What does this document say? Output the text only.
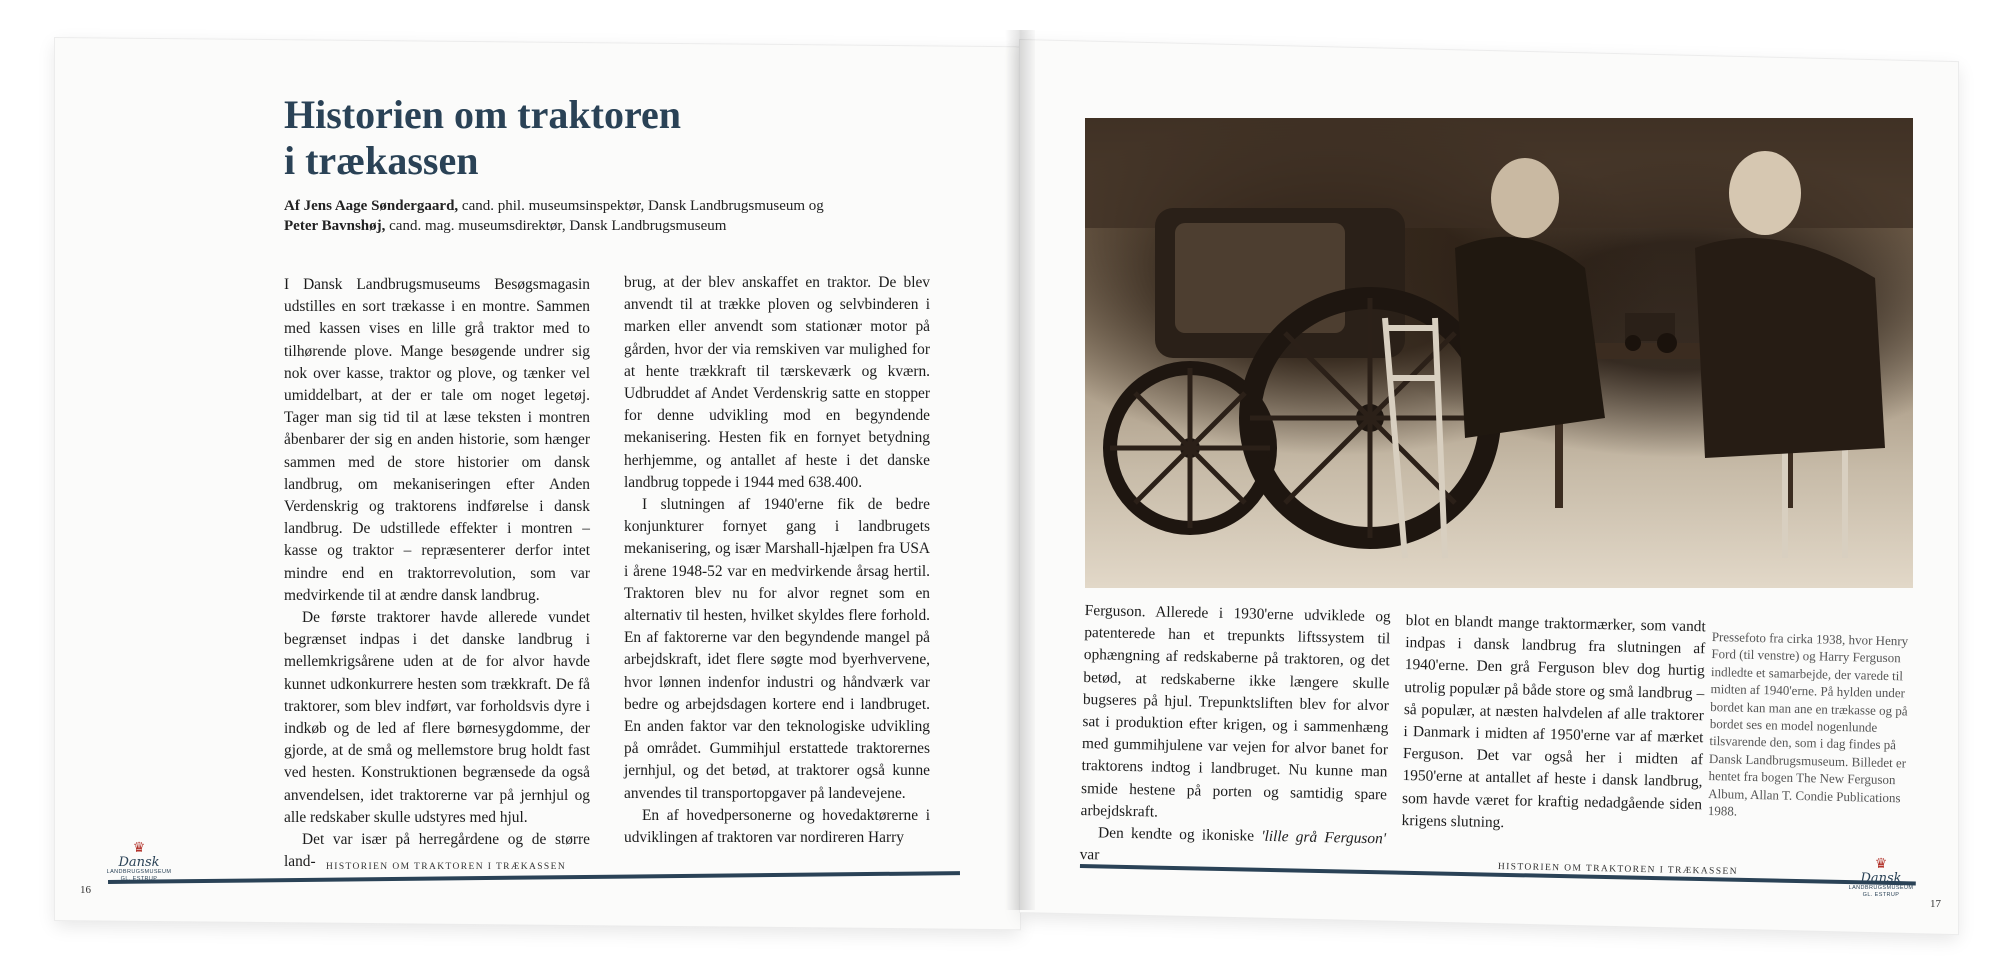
Historien om traktoren
i trækassen
Af Jens Aage Søndergaard, cand. phil. museumsinspektør, Dansk Landbrugsmuseum og
Peter Bavnshøj, cand. mag. museumsdirektør, Dansk Landbrugsmuseum

I Dansk Landbrugsmuseums Besøgsmagasin udstilles en sort trækasse i en montre. Sammen med kassen vises en lille grå traktor med to tilhørende plove. Mange besøgende undrer sig nok over kasse, traktor og plove, og tænker vel umiddelbart, at der er tale om noget legetøj. Tager man sig tid til at læse teksten i montren åbenbarer der sig en anden historie, som hænger sammen med de store historier om dansk landbrug, om mekaniseringen efter Anden Verdenskrig og traktorens indførelse i dansk landbrug. De udstillede effekter i montren – kasse og traktor – repræsenterer derfor intet mindre end en traktorrevolution, som var medvirkende til at ændre dansk landbrug.

De første traktorer havde allerede vundet begrænset indpas i det danske landbrug i mellemkrigsårene uden at de for alvor havde kunnet udkonkurrere hesten som trækkraft. De få traktorer, som blev indført, var forholdsvis dyre i indkøb og de led af flere børnesygdomme, der gjorde, at de små og mellemstore brug holdt fast ved hesten. Konstruktionen begrænsede da også anvendelsen, idet traktorerne var på jernhjul og alle redskaber skulle udstyres med hjul.

Det var især på herregårdene og de større land-

brug, at der blev anskaffet en traktor. De blev anvendt til at trække ploven og selvbinderen i marken eller anvendt som stationær motor på gården, hvor der via remskiven var mulighed for at hente trækkraft til tærskeværk og kværn. Udbruddet af Andet Verdenskrig satte en stopper for denne udvikling mod en begyndende mekanisering. Hesten fik en fornyet betydning herhjemme, og antallet af heste i det danske landbrug toppede i 1944 med 638.400.

I slutningen af 1940'erne fik de bedre konjunkturer fornyet gang i landbrugets mekanisering, og især Marshall-hjælpen fra USA i årene 1948-52 var en medvirkende årsag hertil. Traktoren blev nu for alvor regnet som en alternativ til hesten, hvilket skyldes flere forhold. En af faktorerne var den begyndende mangel på arbejdskraft, idet flere søgte mod byerhvervene, hvor lønnen indenfor industri og håndværk var bedre og arbejdsdagen kortere end i landbruget. En anden faktor var den teknologiske udvikling på området. Gummihjul erstattede traktorernes jernhjul, og det betød, at traktorer også kunne anvendes til transportopgaver på landevejene.

En af hovedpersonerne og hovedaktørerne i udviklingen af traktoren var nordireren Harry

♛
Dansk
LANDBRUGSMUSEUM
16
HISTORIEN OM TRAKTOREN I TRÆKASSEN

Ferguson. Allerede i 1930'erne udviklede og patenterede han et trepunkts liftssystem til ophængning af redskaberne på traktoren, og det betød, at redskaberne ikke længere skulle bugseres på hjul. Trepunktsliften blev for alvor sat i produktion efter krigen, og i sammenhæng med gummihjulene var vejen for alvor banet for traktorens indtog i landbruget. Nu kunne man smide hestene på porten og samtidig spare arbejdskraft.

Den kendte og ikoniske 'lille grå Ferguson' var

blot en blandt mange traktormærker, som vandt indpas i dansk landbrug fra slutningen af 1940'erne. Den grå Ferguson blev dog hurtig utrolig populær på både store og små landbrug – så populær, at næsten halvdelen af alle traktorer i Danmark i midten af 1950'erne var af mærket Ferguson. Det var også her i midten af 1950'erne at antallet af heste i dansk landbrug, som havde været for kraftig nedadgående siden krigens slutning.

Pressefoto fra cirka 1938, hvor Henry Ford (til venstre) og Harry Ferguson indledte et samarbejde, der varede til midten af 1940'erne. På hylden under bordet kan man ane en trækasse og på bordet ses en model nogenlunde tilsvarende den, som i dag findes på Dansk Landbrugsmuseum. Billedet er hentet fra bogen The New Ferguson Album, Allan T. Condie Publications 1988.
HISTORIEN OM TRAKTOREN I TRÆKASSEN	♛
Dansk
LANDBRUGSMUSEUM
GL. ESTRUP
17
